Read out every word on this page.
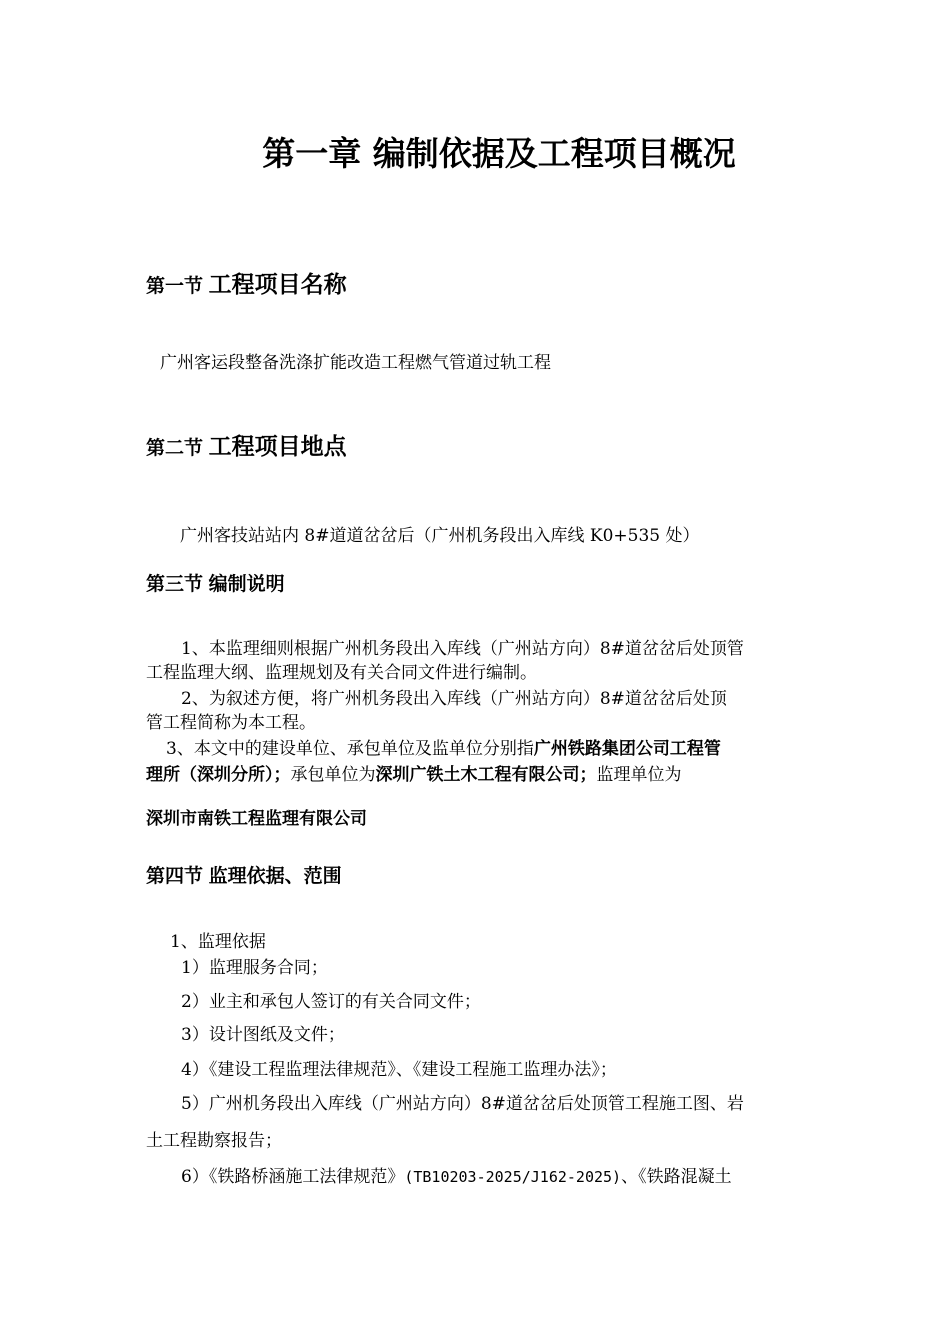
第一章 编制依据及工程项目概况
第一节 工程项目名称
广州客运段整备洗涤扩能改造工程燃气管道过轨工程
第二节 工程项目地点
广州客技站站内 8#道道岔岔后（广州机务段出入库线 K0+535 处）
第三节 编制说明
1、本监理细则根据广州机务段出入库线（广州站方向）8#道岔岔后处顶管
工程监理大纲、监理规划及有关合同文件进行编制。
2、为叙述方便，将广州机务段出入库线（广州站方向）8#道岔岔后处顶
管工程简称为本工程。
3、本文中的建设单位、承包单位及监单位分别指广州铁路集团公司工程管
理所（深圳分所）；承包单位为深圳广铁土木工程有限公司；监理单位为
深圳市南铁工程监理有限公司
第四节 监理依据、范围
1、监理依据
1）监理服务合同；
2）业主和承包人签订的有关合同文件；
3）设计图纸及文件；
4）《建设工程监理法律规范》、《建设工程施工监理办法》；
5）广州机务段出入库线（广州站方向）8#道岔岔后处顶管工程施工图、岩
土工程勘察报告；
6）《铁路桥涵施工法律规范》(TB10203-2025/J162-2025)、《铁路混凝土
